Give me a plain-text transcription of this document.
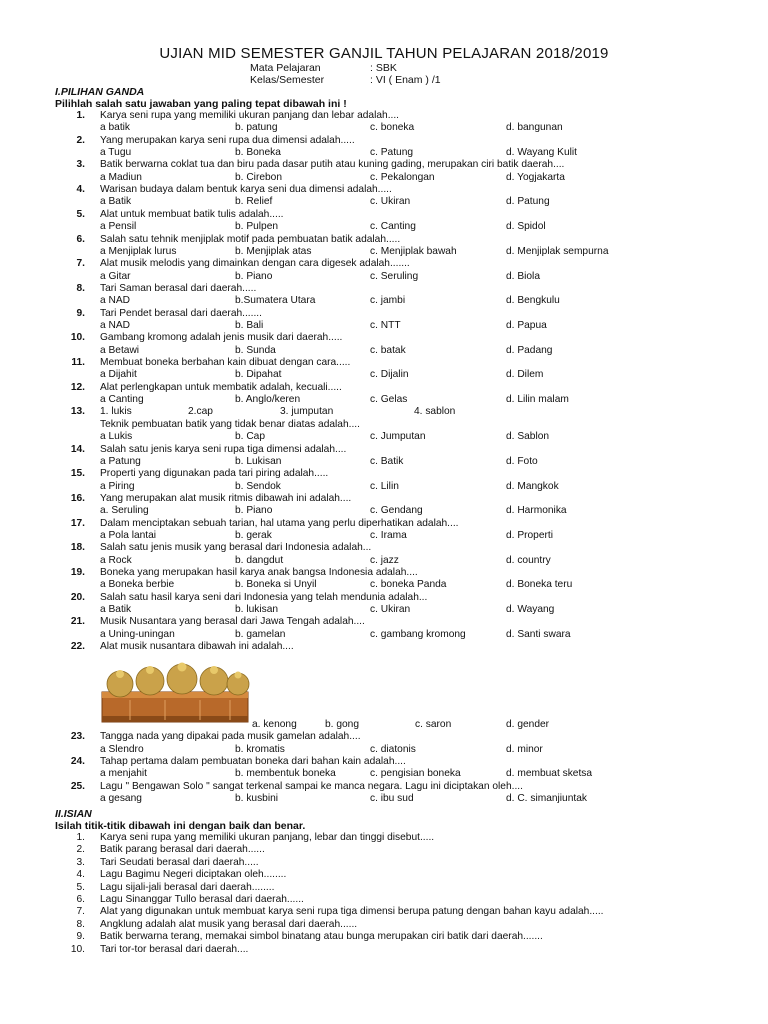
UJIAN MID SEMESTER GANJIL TAHUN PELAJARAN 2018/2019
Mata Pelajaran	: SBK
Kelas/Semester	: VI ( Enam ) /1
I.PILIHAN GANDA
Pilihlah salah satu jawaban yang paling tepat dibawah ini !
1. Karya seni rupa yang memiliki ukuran panjang dan lebar adalah....
a batik	b. patung	c. boneka	d. bangunan
2. Yang merupakan karya seni rupa dua dimensi adalah.....
a Tugu	b. Boneka	c. Patung	d. Wayang Kulit
3. Batik berwarna coklat tua dan biru pada dasar putih atau kuning gading, merupakan ciri batik daerah....
a Madiun	b. Cirebon	c. Pekalongan	d. Yogjakarta
4. Warisan budaya dalam bentuk karya seni dua dimensi adalah.....
a Batik	b. Relief	c. Ukiran	d. Patung
5. Alat untuk membuat batik tulis adalah.....
a Pensil	b. Pulpen	c. Canting	d. Spidol
6. Salah satu tehnik menjiplak motif pada pembuatan batik adalah.....
a Menjiplak lurus	b. Menjiplak atas	c. Menjiplak bawah	d. Menjiplak sempurna
7. Alat musik melodis yang dimainkan dengan cara digesek adalah.......
a Gitar	b. Piano	c. Seruling	d. Biola
8. Tari Saman berasal dari daerah.....
a NAD	b.Sumatera Utara	c. jambi	d. Bengkulu
9. Tari Pendet berasal dari daerah.......
a NAD	b. Bali	c. NTT	d. Papua
10. Gambang kromong adalah jenis musik dari daerah.....
a Betawi	b. Sunda	c. batak	d. Padang
11. Membuat boneka berbahan kain dibuat dengan cara.....
a Dijahit	b. Dipahat	c. Dijalin	d. Dilem
12. Alat perlengkapan untuk membatik adalah, kecuali.....
a Canting	b. Anglo/keren	c. Gelas	d. Lilin malam
13. 1. lukis	2.cap	3. jumputan	4. sablon
Teknik pembuatan batik yang tidak benar diatas adalah....
a Lukis	b. Cap	c. Jumputan	d. Sablon
14. Salah satu jenis karya seni rupa tiga dimensi adalah....
a Patung	b. Lukisan	c. Batik	d. Foto
15. Properti yang digunakan pada tari piring adalah.....
a Piring	b. Sendok	c. Lilin	d. Mangkok
16. Yang merupakan alat musik ritmis dibawah ini adalah....
a. Seruling	b. Piano	c. Gendang	d. Harmonika
17. Dalam menciptakan sebuah tarian, hal utama yang perlu diperhatikan adalah....
a Pola lantai	b. gerak	c. Irama	d. Properti
18. Salah satu jenis musik yang berasal dari Indonesia adalah...
a Rock	b. dangdut	c. jazz	d. country
19. Boneka yang merupakan hasil karya anak bangsa Indonesia adalah....
a Boneka berbie	b. Boneka si Unyil	c. boneka Panda	d. Boneka teru
20. Salah satu hasil karya seni dari Indonesia yang telah mendunia adalah...
a Batik	b. lukisan	c. Ukiran	d. Wayang
21. Musik Nusantara yang berasal dari Jawa Tengah adalah....
a Uning-uningan	b. gamelan	c. gambang kromong	d. Santi swara
22. Alat musik nusantara dibawah ini adalah....
a. kenong	b. gong	c. saron	d. gender
23. Tangga nada yang dipakai pada musik gamelan adalah....
a Slendro	b. kromatis	c. diatonis	d. minor
24. Tahap pertama dalam pembuatan boneka dari bahan kain adalah....
a menjahit	b. membentuk boneka	c. pengisian boneka	d. membuat sketsa
25. Lagu " Bengawan Solo " sangat terkenal sampai ke manca negara. Lagu ini diciptakan oleh....
a gesang	b. kusbini	c. ibu sud	d. C. simanjiuntak
II.ISIAN
Isilah titik-titik dibawah ini dengan baik dan benar.
1. Karya seni rupa yang memiliki ukuran panjang, lebar dan tinggi disebut.....
2. Batik parang berasal dari daerah......
3. Tari Seudati berasal dari daerah.....
4. Lagu Bagimu Negeri diciptakan oleh........
5. Lagu sijali-jali berasal dari daerah........
6. Lagu Sinanggar Tullo berasal dari daerah......
7. Alat yang digunakan untuk membuat karya seni rupa tiga dimensi berupa patung dengan bahan kayu adalah.....
8. Angklung adalah alat musik yang berasal dari daerah......
9. Batik berwarna terang, memakai simbol binatang atau bunga merupakan ciri batik dari daerah.......
10. Tari tor-tor berasal dari daerah....
